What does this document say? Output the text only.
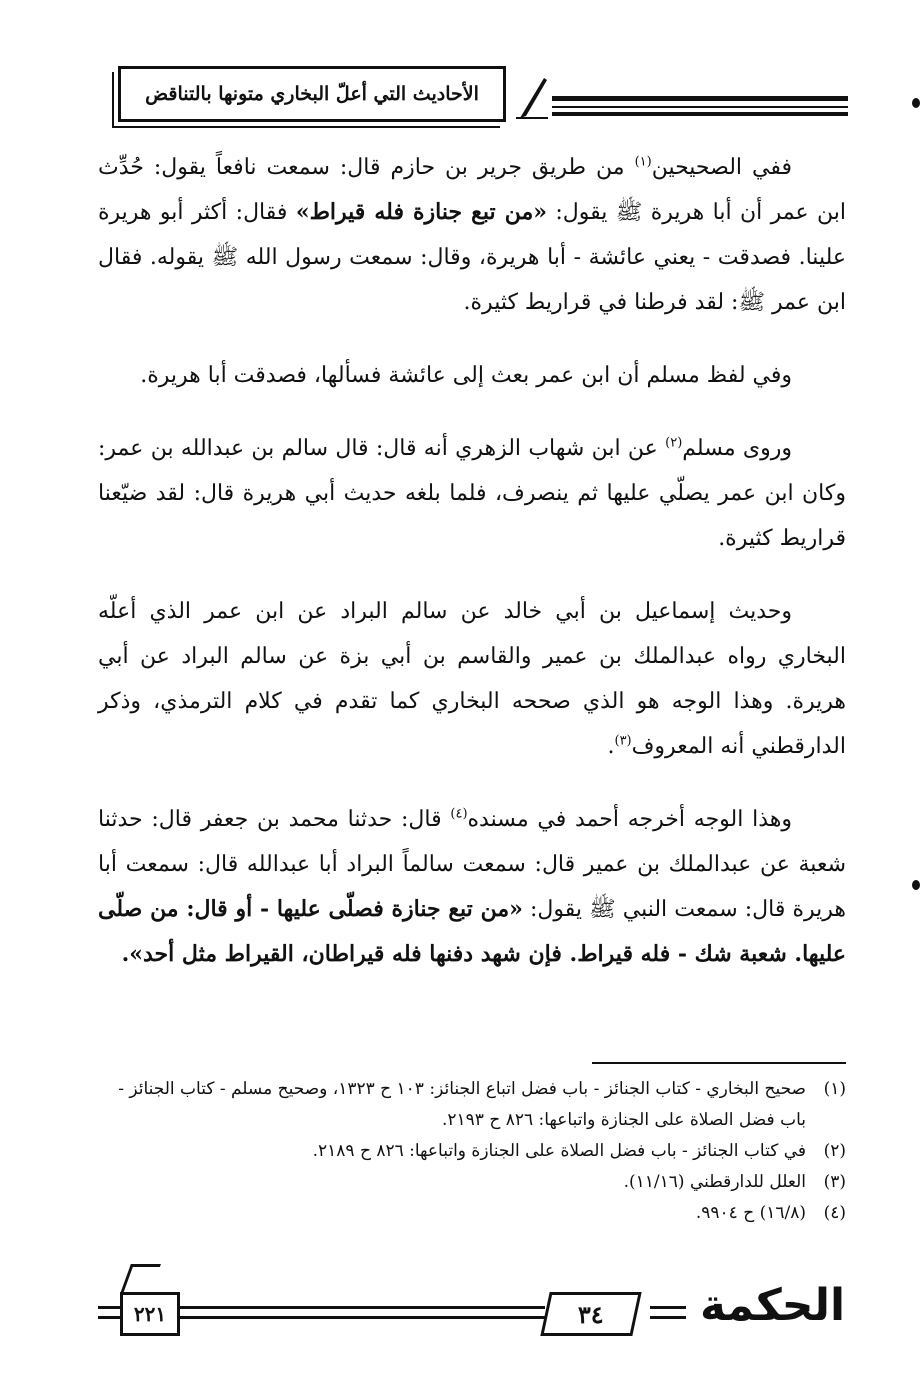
الأحاديث التي أعلّ البخاري متونها بالتناقض

ففي الصحيحين$^{(١)}$ من طريق جرير بن حازم قال: سمعت نافعاً يقول: حُدِّث ابن عمر أن أبا هريرة ﷺ يقول: «من تبع جنازة فله قيراط» فقال: أكثر أبو هريرة علينا. فصدقت - يعني عائشة - أبا هريرة، وقال: سمعت رسول الله ﷺ يقوله. فقال ابن عمر ﷺ: لقد فرطنا في قراريط كثيرة.

وفي لفظ مسلم أن ابن عمر بعث إلى عائشة فسألها، فصدقت أبا هريرة.

وروى مسلم$^{(٢)}$ عن ابن شهاب الزهري أنه قال: قال سالم بن عبدالله بن عمر: وكان ابن عمر يصلّي عليها ثم ينصرف، فلما بلغه حديث أبي هريرة قال: لقد ضيّعنا قراريط كثيرة.

وحديث إسماعيل بن أبي خالد عن سالم البراد عن ابن عمر الذي أعلّه البخاري رواه عبدالملك بن عمير والقاسم بن أبي بزة عن سالم البراد عن أبي هريرة. وهذا الوجه هو الذي صححه البخاري كما تقدم في كلام الترمذي، وذكر الدارقطني أنه المعروف$^{(٣)}$.

وهذا الوجه أخرجه أحمد في مسنده$^{(٤)}$ قال: حدثنا محمد بن جعفر قال: حدثنا شعبة عن عبدالملك بن عمير قال: سمعت سالماً البراد أبا عبدالله قال: سمعت أبا هريرة قال: سمعت النبي ﷺ يقول: «من تبع جنازة فصلّى عليها - أو قال: من صلّى عليها. شعبة شك - فله قيراط. فإن شهد دفنها فله قيراطان، القيراط مثل أحد».

(١)
صحيح البخاري - كتاب الجنائز - باب فضل اتباع الجنائز: ١٠٣ ح ١٣٢٣، وصحيح مسلم - كتاب الجنائز - باب فضل الصلاة على الجنازة واتباعها: ٨٢٦ ح ٢١٩٣.

(٢)
في كتاب الجنائز - باب فضل الصلاة على الجنازة واتباعها: ٨٢٦ ح ٢١٨٩.

(٣)
العلل للدارقطني (١١/١٦).

(٤)
(١٦/٨) ح ٩٩٠٤.

٢٢١	٣٤ الحكمة
